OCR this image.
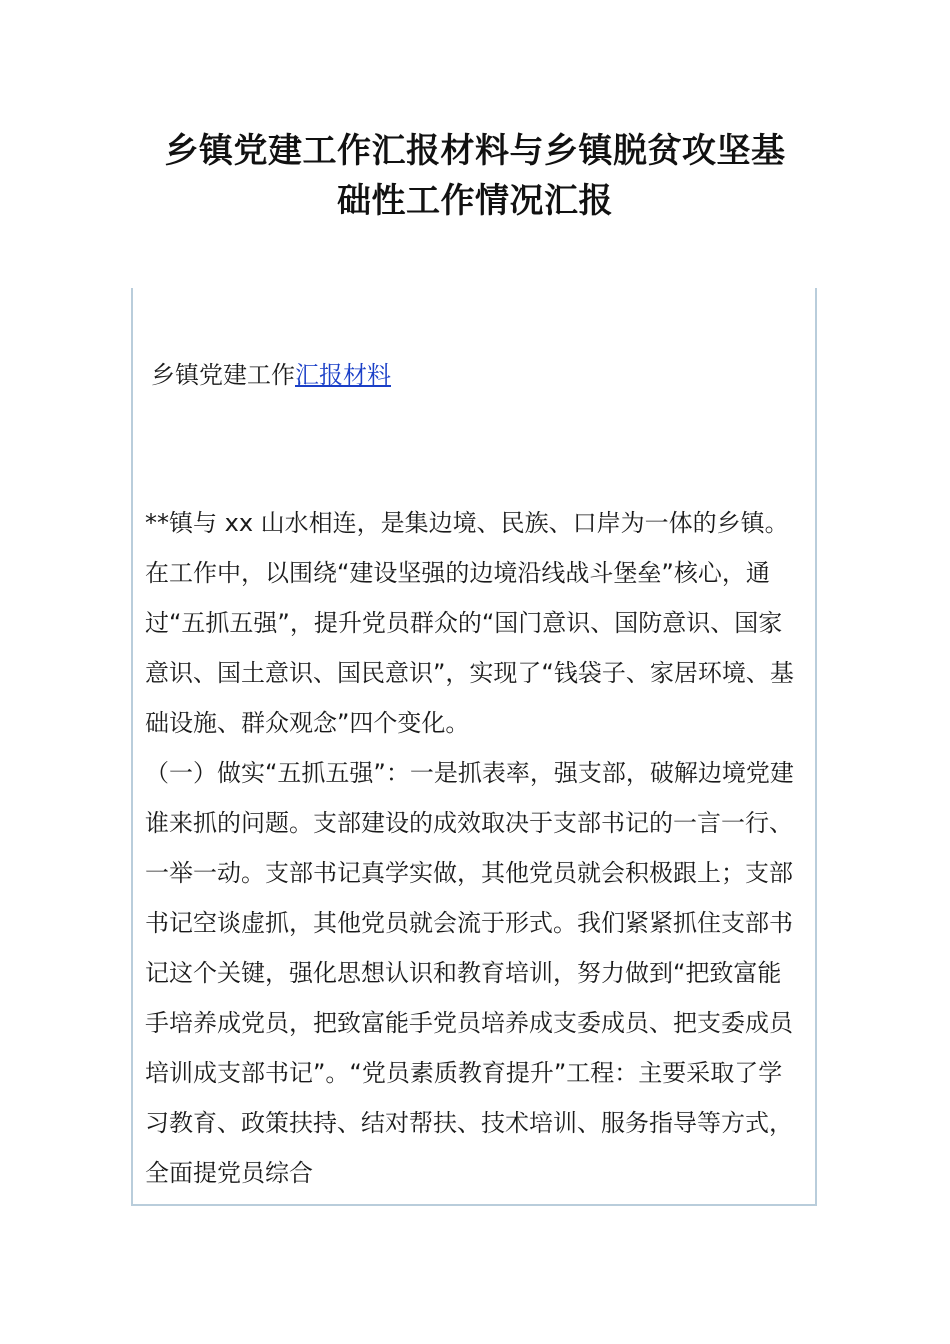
乡镇党建工作汇报材料与乡镇脱贫攻坚基
础性工作情况汇报
乡镇党建工作汇报材料

**镇与 xx 山水相连，是集边境、民族、口岸为一体的乡镇。在工作中，以围绕“建设坚强的边境沿线战斗堡垒”核心，通过“五抓五强”，提升党员群众的“国门意识、国防意识、国家意识、国土意识、国民意识”，实现了“钱袋子、家居环境、基础设施、群众观念”四个变化。

（一）做实“五抓五强”：一是抓表率，强支部，破解边境党建谁来抓的问题。支部建设的成效取决于支部书记的一言一行、一举一动。支部书记真学实做，其他党员就会积极跟上；支部书记空谈虚抓，其他党员就会流于形式。我们紧紧抓住支部书记这个关键，强化思想认识和教育培训，努力做到“把致富能手培养成党员，把致富能手党员培养成支委成员、把支委成员培训成支部书记”。“党员素质教育提升”工程：主要采取了学习教育、政策扶持、结对帮扶、技术培训、服务指导等方式，全面提党员综合
